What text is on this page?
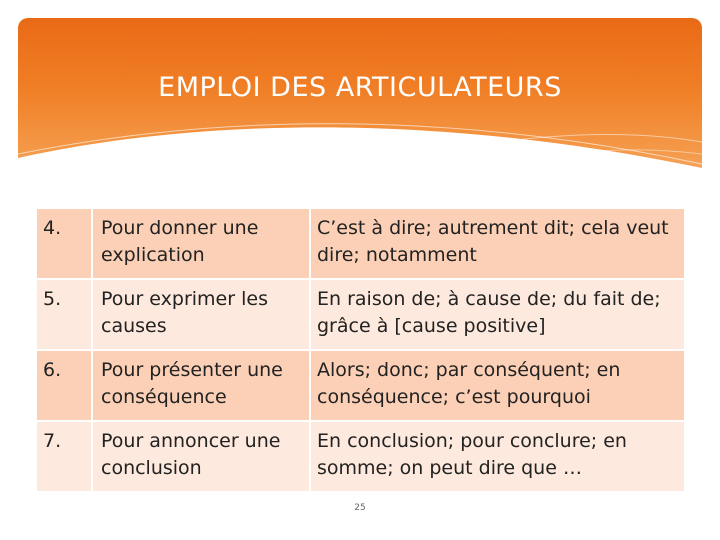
EMPLOI DES ARTICULATEURS
4.	Pour donner une explication	C’est à dire; autrement dit; cela veut dire; notamment
5.	Pour exprimer les causes	En raison de; à cause de; du fait de; grâce à [cause positive]
6.	Pour présenter une conséquence	Alors; donc; par conséquent; en conséquence; c’est pourquoi
7.	Pour annoncer une conclusion	En conclusion; pour conclure; en somme; on peut dire que …
25
